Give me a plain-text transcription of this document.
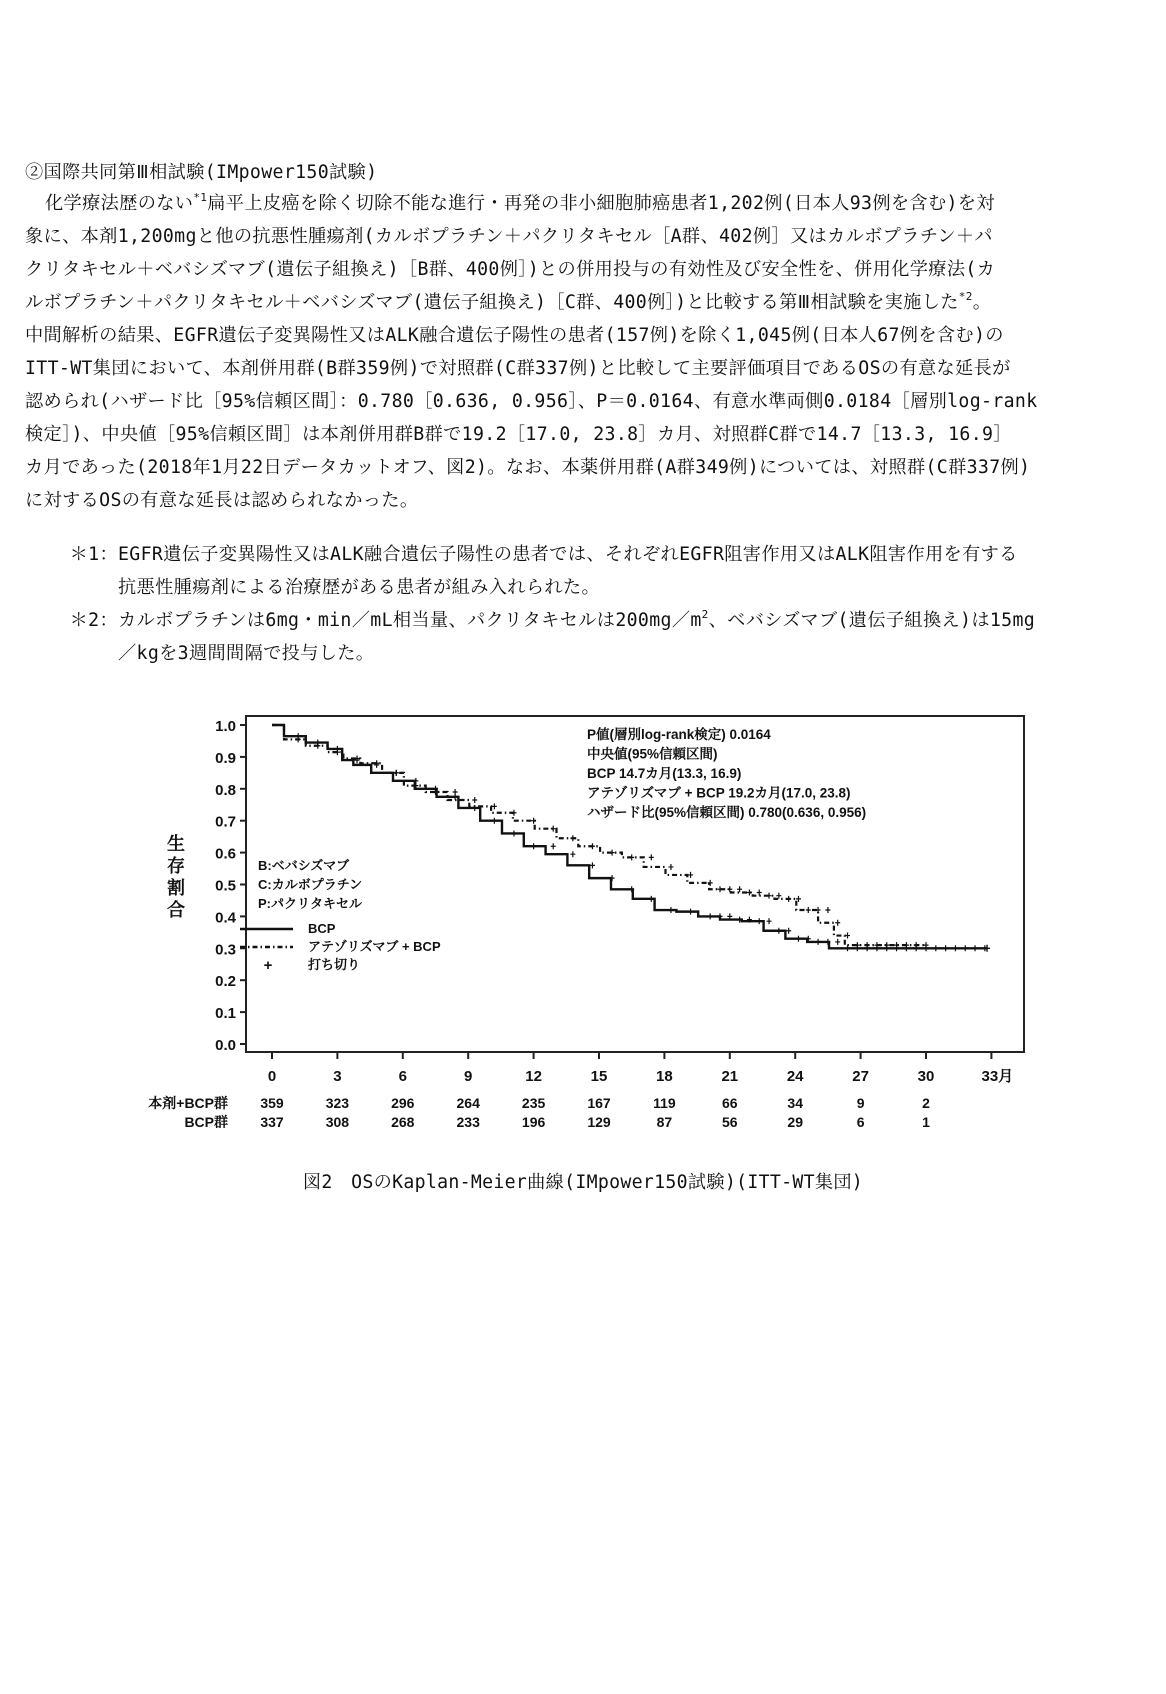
②国際共同第Ⅲ相試験(IMpower150試験)
化学療法歴のない$^{*1}$扁平上皮癌を除く切除不能な進行・再発の非小細胞肺癌患者1,202例(日本人93例を含む)を対
象に、本剤1,200mgと他の抗悪性腫瘍剤(カルボプラチン＋パクリタキセル［A群、402例］又はカルボプラチン＋パ
クリタキセル＋ベバシズマブ(遺伝子組換え)［B群、400例］)との併用投与の有効性及び安全性を、併用化学療法(カ
ルボプラチン＋パクリタキセル＋ベバシズマブ(遺伝子組換え)［C群、400例］)と比較する第Ⅲ相試験を実施した$^{*2}$。
中間解析の結果、EGFR遺伝子変異陽性又はALK融合遺伝子陽性の患者(157例)を除く1,045例(日本人67例を含む)の
ITT-WT集団において、本剤併用群(B群359例)で対照群(C群337例)と比較して主要評価項目であるOSの有意な延長が
認められ(ハザード比［95%信頼区間］：0.780［0.636, 0.956］、P＝0.0164、有意水準両側0.0184［層別log-rank
検定］)、中央値［95%信頼区間］は本剤併用群B群で19.2［17.0, 23.8］カ月、対照群C群で14.7［13.3, 16.9］
カ月であった(2018年1月22日データカットオフ、図2)。なお、本薬併用群(A群349例)については、対照群(C群337例)
に対するOSの有意な延長は認められなかった。
＊1：EGFR遺伝子変異陽性又はALK融合遺伝子陽性の患者では、それぞれEGFR阻害作用又はALK阻害作用を有する
抗悪性腫瘍剤による治療歴がある患者が組み入れられた。
＊2：カルボプラチンは6mg・min／mL相当量、パクリタキセルは$200mg/m^2$、ベバシズマブ(遺伝子組換え)は15mg
／kgを3週間間隔で投与した。
0.0
0.1
0.2
0.3
0.4
0.5
0.6
0.7
0.8
0.9
1.0
生
存
割
合
0	3	6	9	12	15	18	21	24	27	30	33月
P値(層別log-rank検定) 0.0164
中央値(95%信頼区間)
BCP 14.7カ月(13.3, 16.9)
アテゾリズマブ + BCP 19.2カ月(17.0, 23.8)
ハザード比(95%信頼区間) 0.780(0.636, 0.956)
B:ベバシズマブ
C:カルボプラチン
P:パクリタキセル
BCP
アテゾリズマブ + BCP
+	打ち切り
本剤+BCP群 359	323	296	264	235	167	119	66	34	9	2
BCP群 337	308	268	233	196	129	87	56	29	6	1
図2　OSのKaplan-Meier曲線(IMpower150試験)(ITT-WT集団)
